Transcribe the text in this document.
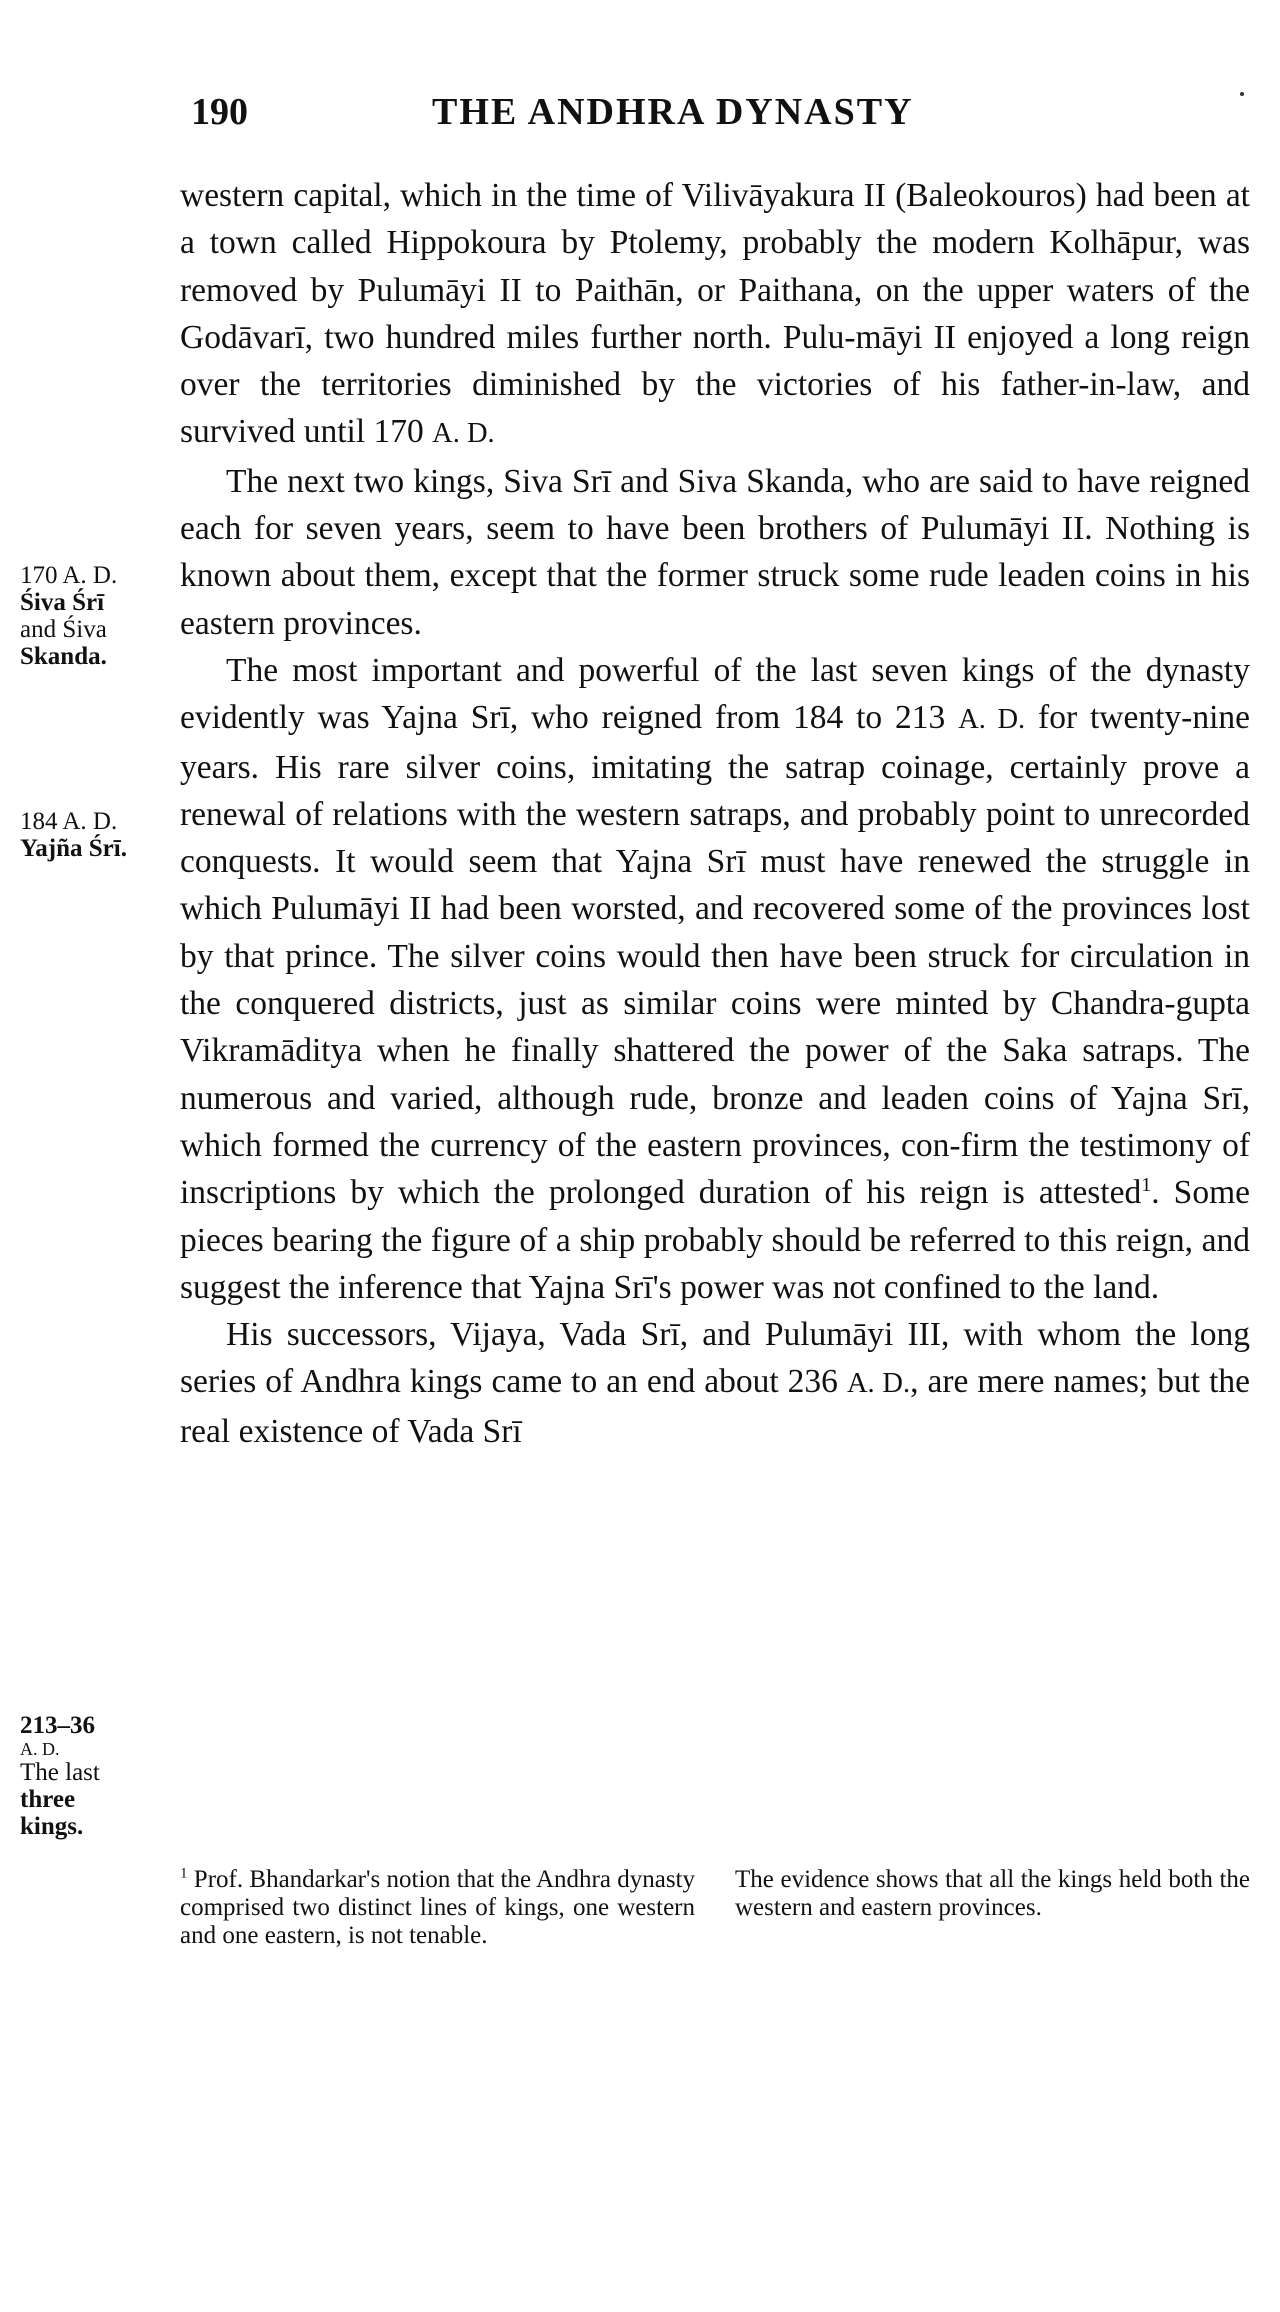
190	THE ANDHRA DYNASTY

western capital, which in the time of Vilivāyakura II (Baleokouros) had been at a town called Hippokoura by Ptolemy, probably the modern Kolhāpur, was removed by Pulumāyi II to Paithān, or Paithana, on the upper waters of the Godāvarī, two hundred miles further north. Pulu-māyi II enjoyed a long reign over the territories diminished by the victories of his father-in-law, and survived until 170 A. D.

The next two kings, Siva Srī and Siva Skanda, who are said to have reigned each for seven years, seem to have been brothers of Pulumāyi II. Nothing is known about them, except that the former struck some rude leaden coins in his eastern provinces.

The most important and powerful of the last seven kings of the dynasty evidently was Yajna Srī, who reigned from 184 to 213 A. D. for twenty-nine years. His rare silver coins, imitating the satrap coinage, certainly prove a renewal of relations with the western satraps, and probably point to unrecorded conquests. It would seem that Yajna Srī must have renewed the struggle in which Pulumāyi II had been worsted, and recovered some of the provinces lost by that prince. The silver coins would then have been struck for circulation in the conquered districts, just as similar coins were minted by Chandra-gupta Vikramāditya when he finally shattered the power of the Saka satraps. The numerous and varied, although rude, bronze and leaden coins of Yajna Srī, which formed the currency of the eastern provinces, con-firm the testimony of inscriptions by which the prolonged duration of his reign is attested$^1$. Some pieces bearing the figure of a ship probably should be referred to this reign, and suggest the inference that Yajna Srī's power was not confined to the land.

His successors, Vijaya, Vada Srī, and Pulumāyi III, with whom the long series of Andhra kings came to an end about 236 A. D., are mere names; but the real existence of Vada Srī

170 A. D.
Śiva Śrī
and Śiva
Skanda.
184 A. D.
Yajña Śrī.
213–36
A. D.
The last
three
kings.
$^1$ Prof. Bhandarkar's notion that the Andhra dynasty comprised two distinct lines of kings, one western and one eastern, is not tenable.
The evidence shows that all the kings held both the western and eastern provinces.
